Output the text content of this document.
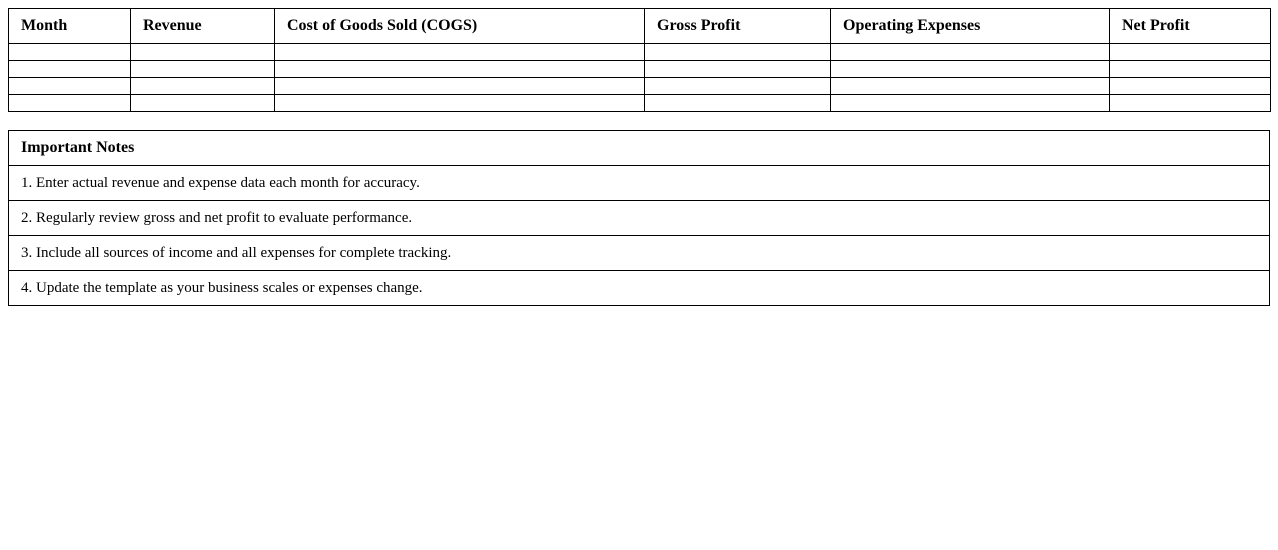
Month	Revenue	Cost of Goods Sold (COGS)	Gross Profit	Operating Expenses	Net Profit

Important Notes
1. Enter actual revenue and expense data each month for accuracy.
2. Regularly review gross and net profit to evaluate performance.
3. Include all sources of income and all expenses for complete tracking.
4. Update the template as your business scales or expenses change.
